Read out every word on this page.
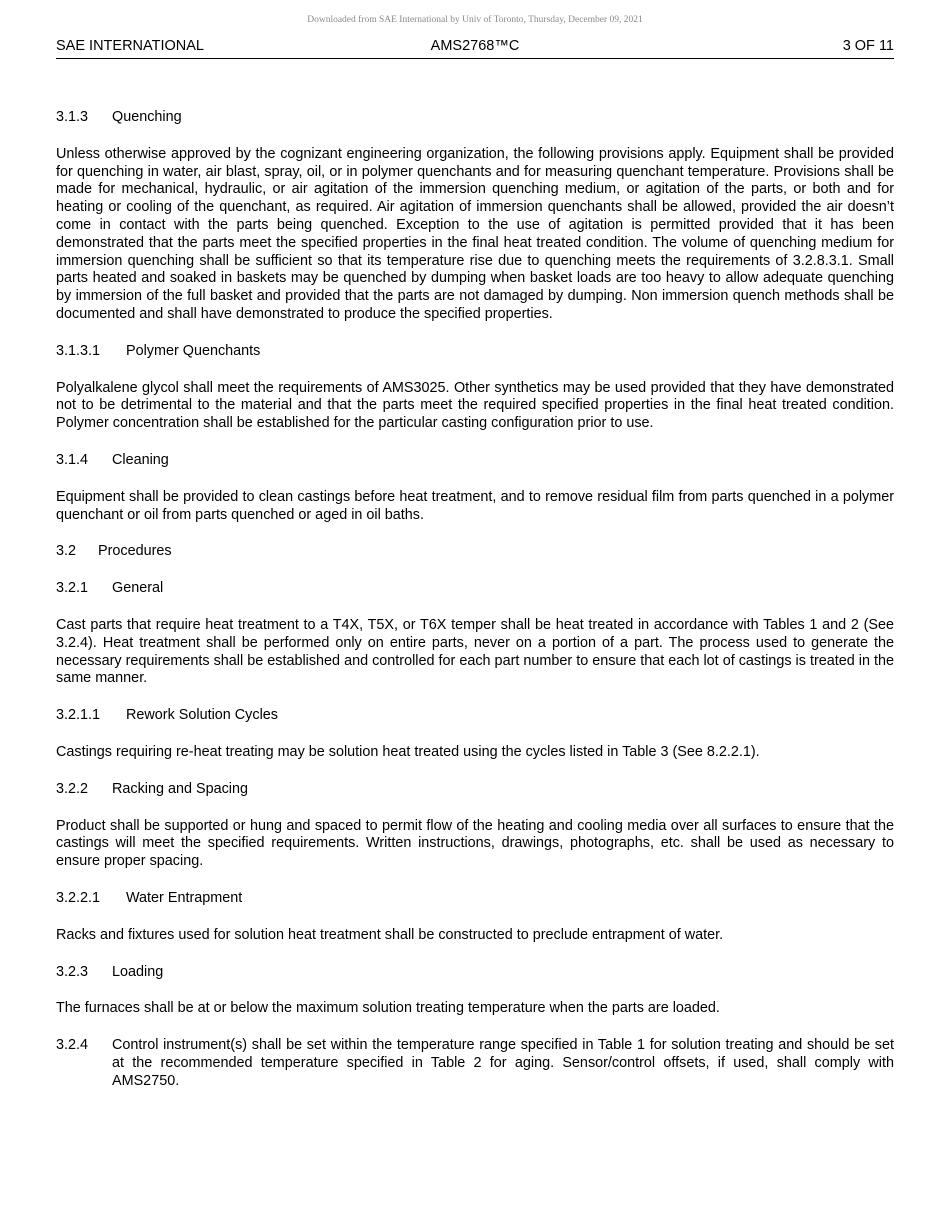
Downloaded from SAE International by Univ of Toronto, Thursday, December 09, 2021
AMS2768™C
SAE INTERNATIONAL	3 OF 11
3.1.3 Quenching

Unless otherwise approved by the cognizant engineering organization, the following provisions apply. Equipment shall be provided for quenching in water, air blast, spray, oil, or in polymer quenchants and for measuring quenchant temperature. Provisions shall be made for mechanical, hydraulic, or air agitation of the immersion quenching medium, or agitation of the parts, or both and for heating or cooling of the quenchant, as required. Air agitation of immersion quenchants shall be allowed, provided the air doesn’t come in contact with the parts being quenched. Exception to the use of agitation is permitted provided that it has been demonstrated that the parts meet the specified properties in the final heat treated condition. The volume of quenching medium for immersion quenching shall be sufficient so that its temperature rise due to quenching meets the requirements of 3.2.8.3.1. Small parts heated and soaked in baskets may be quenched by dumping when basket loads are too heavy to allow adequate quenching by immersion of the full basket and provided that the parts are not damaged by dumping. Non immersion quench methods shall be documented and shall have demonstrated to produce the specified properties.

3.1.3.1 Polymer Quenchants

Polyalkalene glycol shall meet the requirements of AMS3025. Other synthetics may be used provided that they have demonstrated not to be detrimental to the material and that the parts meet the required specified properties in the final heat treated condition. Polymer concentration shall be established for the particular casting configuration prior to use.

3.1.4 Cleaning

Equipment shall be provided to clean castings before heat treatment, and to remove residual film from parts quenched in a polymer quenchant or oil from parts quenched or aged in oil baths.

3.2 Procedures
3.2.1 General

Cast parts that require heat treatment to a T4X, T5X, or T6X temper shall be heat treated in accordance with Tables 1 and 2 (See 3.2.4). Heat treatment shall be performed only on entire parts, never on a portion of a part. The process used to generate the necessary requirements shall be established and controlled for each part number to ensure that each lot of castings is treated in the same manner.

3.2.1.1 Rework Solution Cycles

Castings requiring re-heat treating may be solution heat treated using the cycles listed in Table 3 (See 8.2.2.1).

3.2.2 Racking and Spacing

Product shall be supported or hung and spaced to permit flow of the heating and cooling media over all surfaces to ensure that the castings will meet the specified requirements. Written instructions, drawings, photographs, etc. shall be used as necessary to ensure proper spacing.

3.2.2.1 Water Entrapment

Racks and fixtures used for solution heat treatment shall be constructed to preclude entrapment of water.

3.2.3 Loading

The furnaces shall be at or below the maximum solution treating temperature when the parts are loaded.

3.2.4 Control instrument(s) shall be set within the temperature range specified in Table 1 for solution treating and should be set at the recommended temperature specified in Table 2 for aging. Sensor/control offsets, if used, shall comply with AMS2750.
